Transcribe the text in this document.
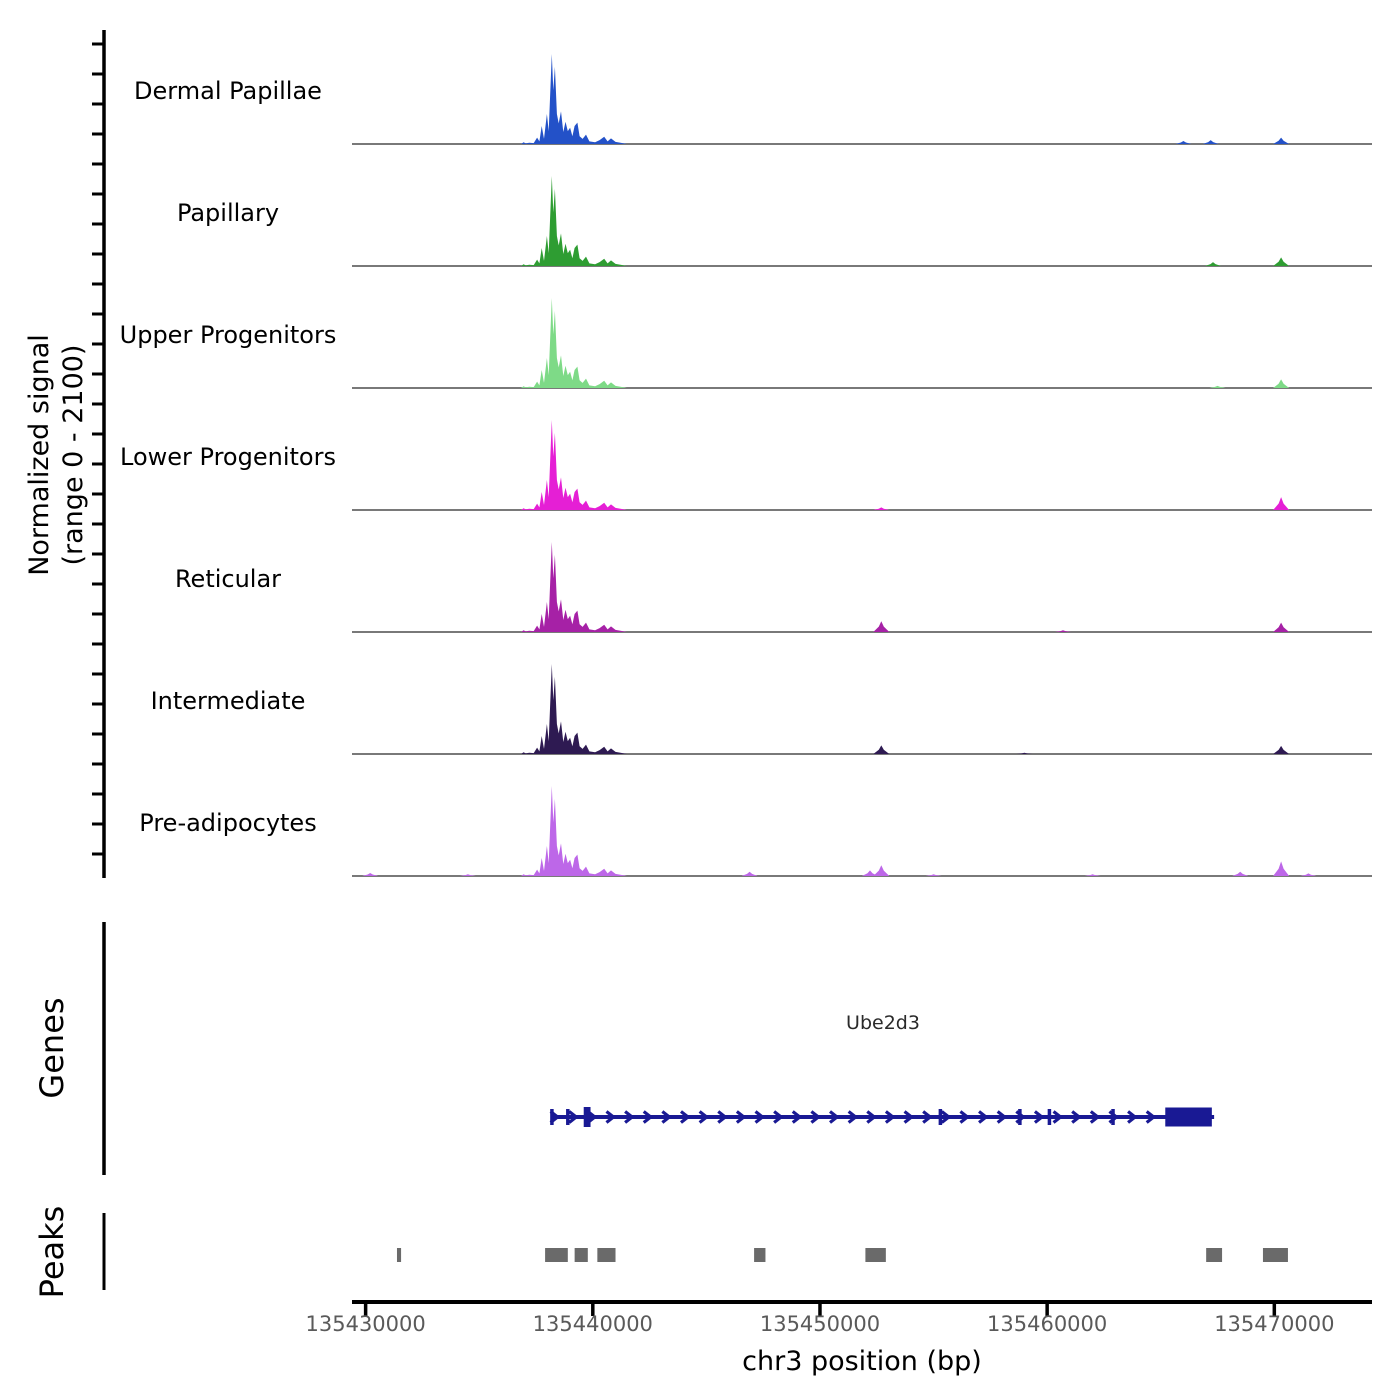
Normalized signal (range 0 - 2100)
Dermal Papillae
Papillary
Upper Progenitors
Lower Progenitors
Reticular
Intermediate
Pre-adipocytes
Genes
Peaks
Ube2d3
135430000	135440000	135450000	135460000	135470000
chr3 position (bp)
